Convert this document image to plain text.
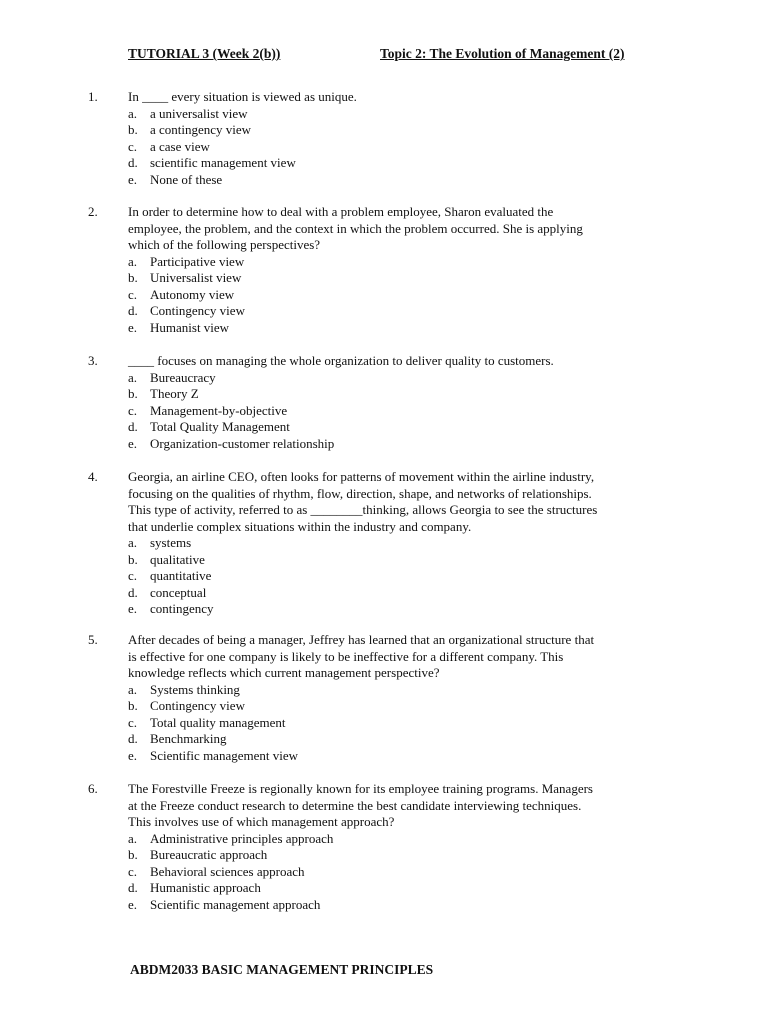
TUTORIAL 3 (Week 2(b))	Topic 2: The Evolution of Management (2)
1. In ____ every situation is viewed as unique.
a. a universalist view
b. a contingency view
c. a case view
d. scientific management view
e. None of these
2. In order to determine how to deal with a problem employee, Sharon evaluated the
employee, the problem, and the context in which the problem occurred. She is applying
which of the following perspectives?
a. Participative view
b. Universalist view
c. Autonomy view
d. Contingency view
e. Humanist view
3. ____ focuses on managing the whole organization to deliver quality to customers.
a. Bureaucracy
b. Theory Z
c. Management-by-objective
d. Total Quality Management
e. Organization-customer relationship
4. Georgia, an airline CEO, often looks for patterns of movement within the airline industry,
focusing on the qualities of rhythm, flow, direction, shape, and networks of relationships.
This type of activity, referred to as ________thinking, allows Georgia to see the structures
that underlie complex situations within the industry and company.
a. systems
b. qualitative
c. quantitative
d. conceptual
e. contingency
5. After decades of being a manager, Jeffrey has learned that an organizational structure that
is effective for one company is likely to be ineffective for a different company. This
knowledge reflects which current management perspective?
a. Systems thinking
b. Contingency view
c. Total quality management
d. Benchmarking
e. Scientific management view
6. The Forestville Freeze is regionally known for its employee training programs. Managers
at the Freeze conduct research to determine the best candidate interviewing techniques.
This involves use of which management approach?
a. Administrative principles approach
b. Bureaucratic approach
c. Behavioral sciences approach
d. Humanistic approach
e. Scientific management approach
ABDM2033 BASIC MANAGEMENT PRINCIPLES
